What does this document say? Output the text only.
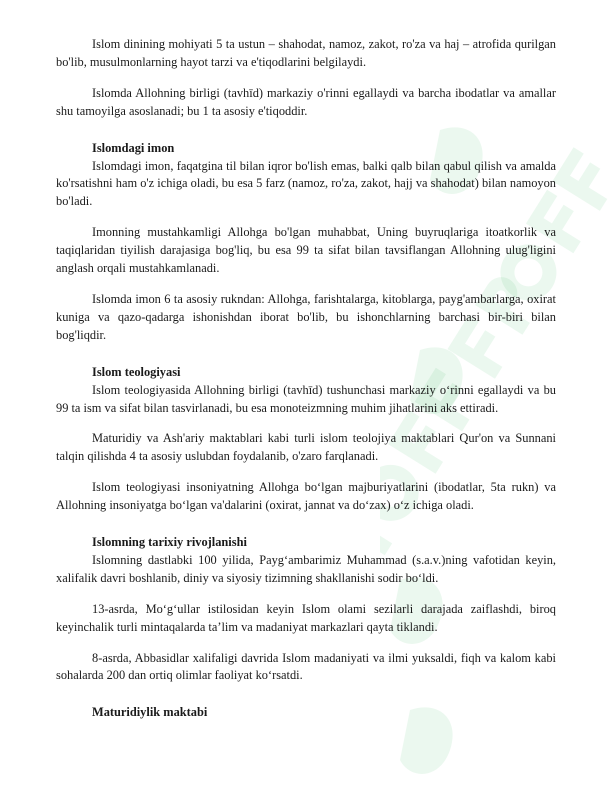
Islom dinining mohiyati 5 ta ustun – shahodat, namoz, zakot, ro'za va haj – atrofida qurilgan bo'lib, musulmonlarning hayot tarzi va e'tiqodlarini belgilaydi.

Islomda Allohning birligi (tavhīd) markaziy o'rinni egallaydi va barcha ibodatlar va amallar shu tamoyilga asoslanadi; bu 1 ta asosiy e'tiqoddir.

Islomdagi imon

Islomdagi imon, faqatgina til bilan iqror bo'lish emas, balki qalb bilan qabul qilish va amalda ko'rsatishni ham o'z ichiga oladi, bu esa 5 farz (namoz, ro'za, zakot, hajj va shahodat) bilan namoyon bo'ladi.

Imonning mustahkamligi Allohga bo'lgan muhabbat, Uning buyruqlariga itoatkorlik va taqiqlaridan tiyilish darajasiga bog'liq, bu esa 99 ta sifat bilan tavsiflangan Allohning ulug'ligini anglash orqali mustahkamlanadi.

Islomda imon 6 ta asosiy rukndan: Allohga, farishtalarga, kitoblarga, payg'ambarlarga, oxirat kuniga va qazo-qadarga ishonishdan iborat bo'lib, bu ishonchlarning barchasi bir-biri bilan bog'liqdir.

Islom teologiyasi

Islom teologiyasida Allohning birligi (tavhīd) tushunchasi markaziy o‘rinni egallaydi va bu 99 ta ism va sifat bilan tasvirlanadi, bu esa monoteizmning muhim jihatlarini aks ettiradi.

Maturidiy va Ash'ariy maktablari kabi turli islom teolojiya maktablari Qur'on va Sunnani talqin qilishda 4 ta asosiy uslubdan foydalanib, o'zaro farqlanadi.

Islom teologiyasi insoniyatning Allohga bo‘lgan majburiyatlarini (ibodatlar, 5ta rukn) va Allohning insoniyatga bo‘lgan va'dalarini (oxirat, jannat va do‘zax) o‘z ichiga oladi.

Islomning tarixiy rivojlanishi

Islomning dastlabki 100 yilida, Payg‘ambarimiz Muhammad (s.a.v.)ning vafotidan keyin, xalifalik davri boshlanib, diniy va siyosiy tizimning shakllanishi sodir bo‘ldi.

13-asrda, Mo‘g‘ullar istilosidan keyin Islom olami sezilarli darajada zaiflashdi, biroq keyinchalik turli mintaqalarda ta’lim va madaniyat markazlari qayta tiklandi.

8-asrda, Abbasidlar xalifaligi davrida Islom madaniyati va ilmi yuksaldi, fiqh va kalom kabi sohalarda 200 dan ortiq olimlar faoliyat ko‘rsatdi.

Maturidiylik maktabi
